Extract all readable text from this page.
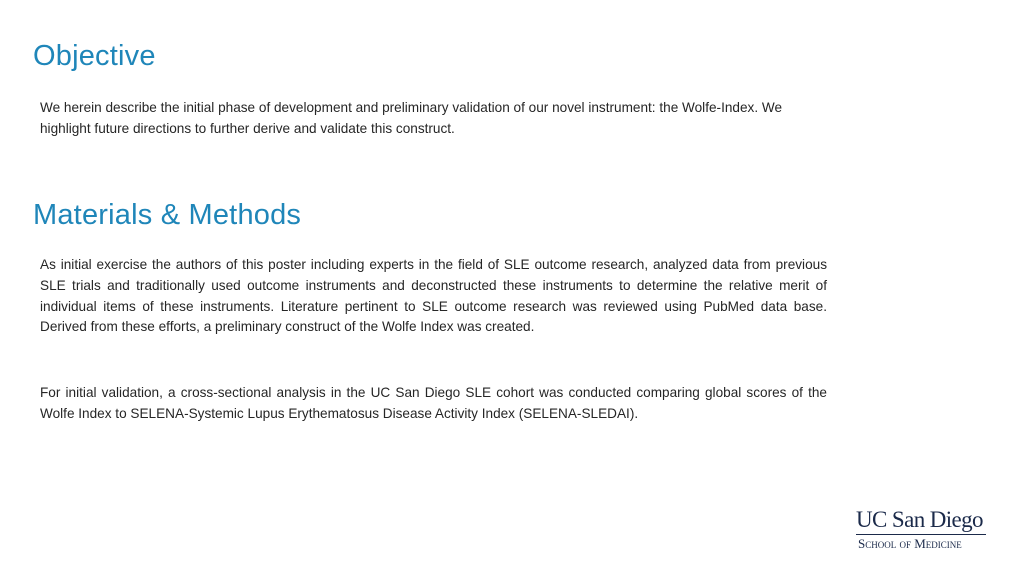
Objective

We herein describe the initial phase of development and preliminary validation of our novel instrument: the Wolfe-Index. We highlight future directions to further derive and validate this construct.

Materials & Methods

As initial exercise the authors of this poster including experts in the field of SLE outcome research, analyzed data from previous SLE trials and traditionally used outcome instruments and deconstructed these instruments to determine the relative merit of individual items of these instruments. Literature pertinent to SLE outcome research was reviewed using PubMed data base. Derived from these efforts, a preliminary construct of the Wolfe Index was created.

For initial validation, a cross-sectional analysis in the UC San Diego SLE cohort was conducted comparing global scores of the Wolfe Index to SELENA-Systemic Lupus Erythematosus Disease Activity Index (SELENA-SLEDAI).

UC San Diego
School of Medicine
